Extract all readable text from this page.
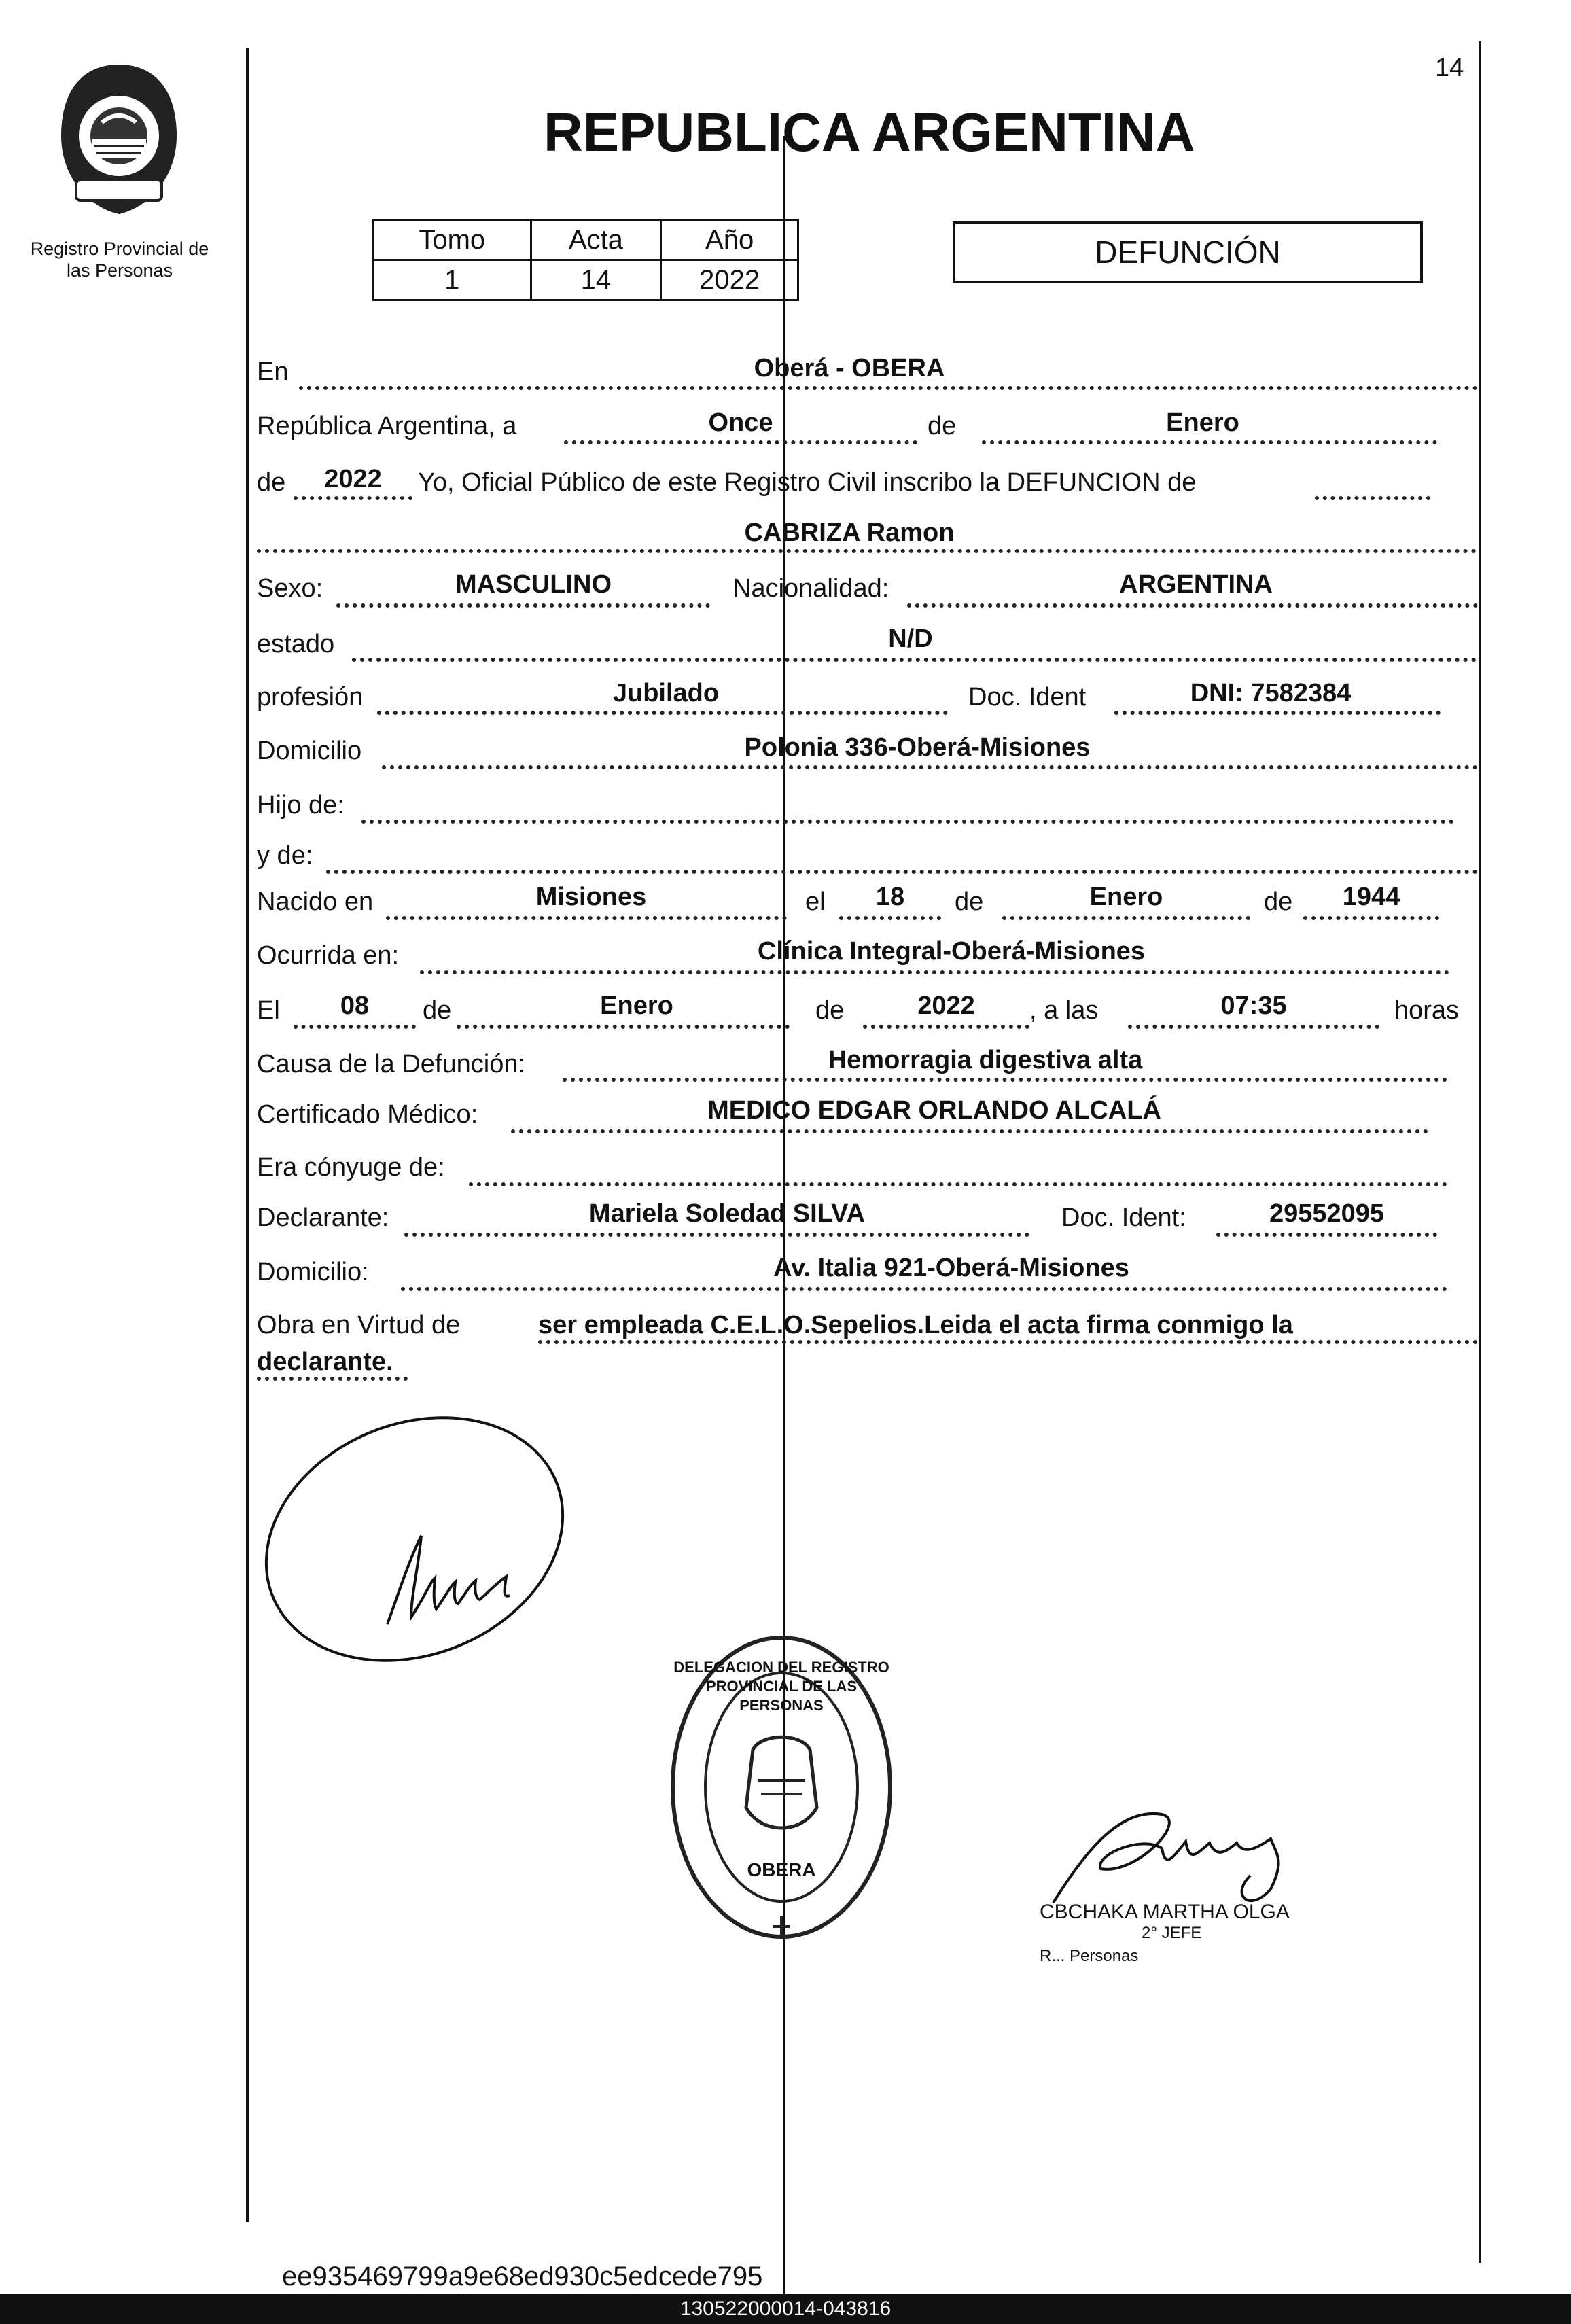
14
Registro Provincial de las Personas
REPUBLICA ARGENTINA
Tomo	Acta	Año
1	14	2022
DEFUNCIÓN
En	Oberá - OBERA
República Argentina, a	Once	de	Enero
de	2022	Yo, Oficial Público de este Registro Civil inscribo la DEFUNCION de
CABRIZA Ramon
Sexo:	MASCULINO	Nacionalidad:	ARGENTINA
estado	N/D
profesión	Jubilado	Doc. Ident	DNI: 7582384
Domicilio	Polonia 336-Oberá-Misiones
Hijo de:
y de:
Nacido en	Misiones	el	18	de	Enero	de	1944
Ocurrida en:	Clínica Integral-Oberá-Misiones
El	08	de	Enero	de	2022	, a las	07:35	horas
Causa de la Defunción:	Hemorragia digestiva alta
Certificado Médico:	MEDICO EDGAR ORLANDO ALCALÁ
Era cónyuge de:
Declarante:	Mariela Soledad SILVA	Doc. Ident:	29552095
Domicilio:	Av. Italia 921-Oberá-Misiones
Obra en Virtud de	ser empleada C.E.L.O.Sepelios.Leida el acta firma conmigo la
declarante.
DELEGACION DEL REGISTRO PROVINCIAL DE LAS PERSONAS
OBERA
CBCHAKA MARTHA OLGA
2° JEFE
R... Personas
ee935469799a9e68ed930c5edcede795
130522000014-043816
